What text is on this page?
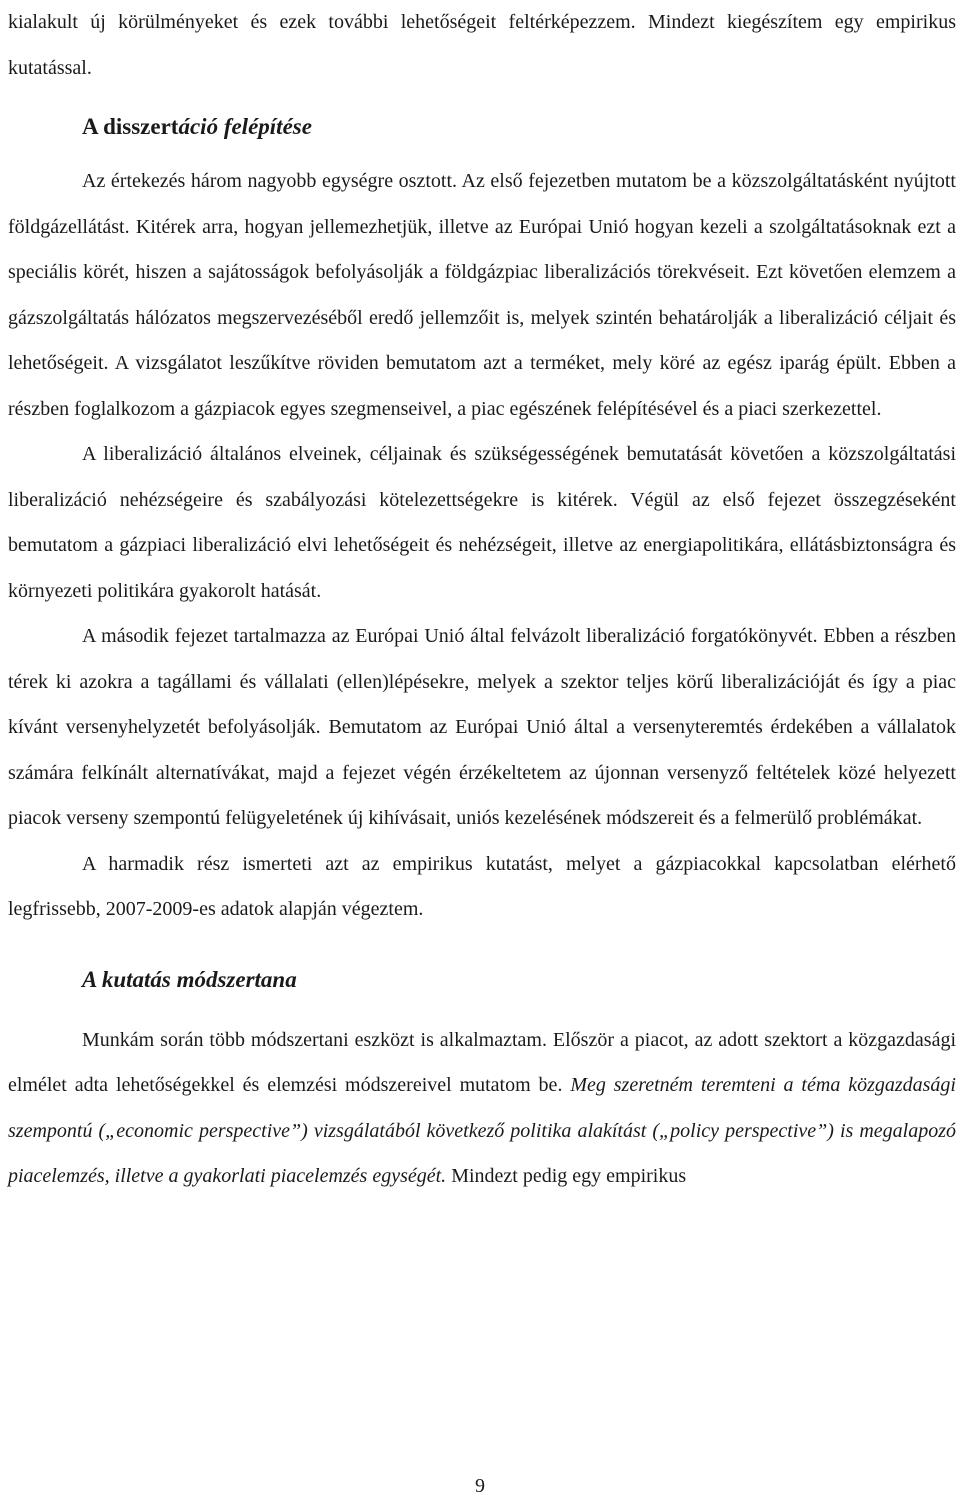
kialakult új körülményeket és ezek további lehetőségeit feltérképezzem. Mindezt kiegészítem egy empirikus kutatással.

A disszertáció felépítése

Az értekezés három nagyobb egységre osztott. Az első fejezetben mutatom be a közszolgáltatásként nyújtott földgázellátást. Kitérek arra, hogyan jellemezhetjük, illetve az Európai Unió hogyan kezeli a szolgáltatásoknak ezt a speciális körét, hiszen a sajátosságok befolyásolják a földgázpiac liberalizációs törekvéseit. Ezt követően elemzem a gázszolgáltatás hálózatos megszervezéséből eredő jellemzőit is, melyek szintén behatárolják a liberalizáció céljait és lehetőségeit. A vizsgálatot leszűkítve röviden bemutatom azt a terméket, mely köré az egész iparág épült. Ebben a részben foglalkozom a gázpiacok egyes szegmenseivel, a piac egészének felépítésével és a piaci szerkezettel.

A liberalizáció általános elveinek, céljainak és szükségességének bemutatását követően a közszolgáltatási liberalizáció nehézségeire és szabályozási kötelezettségekre is kitérek. Végül az első fejezet összegzéseként bemutatom a gázpiaci liberalizáció elvi lehetőségeit és nehézségeit, illetve az energiapolitikára, ellátásbiztonságra és környezeti politikára gyakorolt hatását.

A második fejezet tartalmazza az Európai Unió által felvázolt liberalizáció forgatókönyvét. Ebben a részben térek ki azokra a tagállami és vállalati (ellen)lépésekre, melyek a szektor teljes körű liberalizációját és így a piac kívánt versenyhelyzetét befolyásolják. Bemutatom az Európai Unió által a versenyteremtés érdekében a vállalatok számára felkínált alternatívákat, majd a fejezet végén érzékeltetem az újonnan versenyző feltételek közé helyezett piacok verseny szempontú felügyeletének új kihívásait, uniós kezelésének módszereit és a felmerülő problémákat.

A harmadik rész ismerteti azt az empirikus kutatást, melyet a gázpiacokkal kapcsolatban elérhető legfrissebb, 2007-2009-es adatok alapján végeztem.

A kutatás módszertana

Munkám során több módszertani eszközt is alkalmaztam. Először a piacot, az adott szektort a közgazdasági elmélet adta lehetőségekkel és elemzési módszereivel mutatom be. Meg szeretném teremteni a téma közgazdasági szempontú („economic perspective”) vizsgálatából következő politika alakítást („policy perspective”) is megalapozó piacelemzés, illetve a gyakorlati piacelemzés egységét. Mindezt pedig egy empirikus

9
